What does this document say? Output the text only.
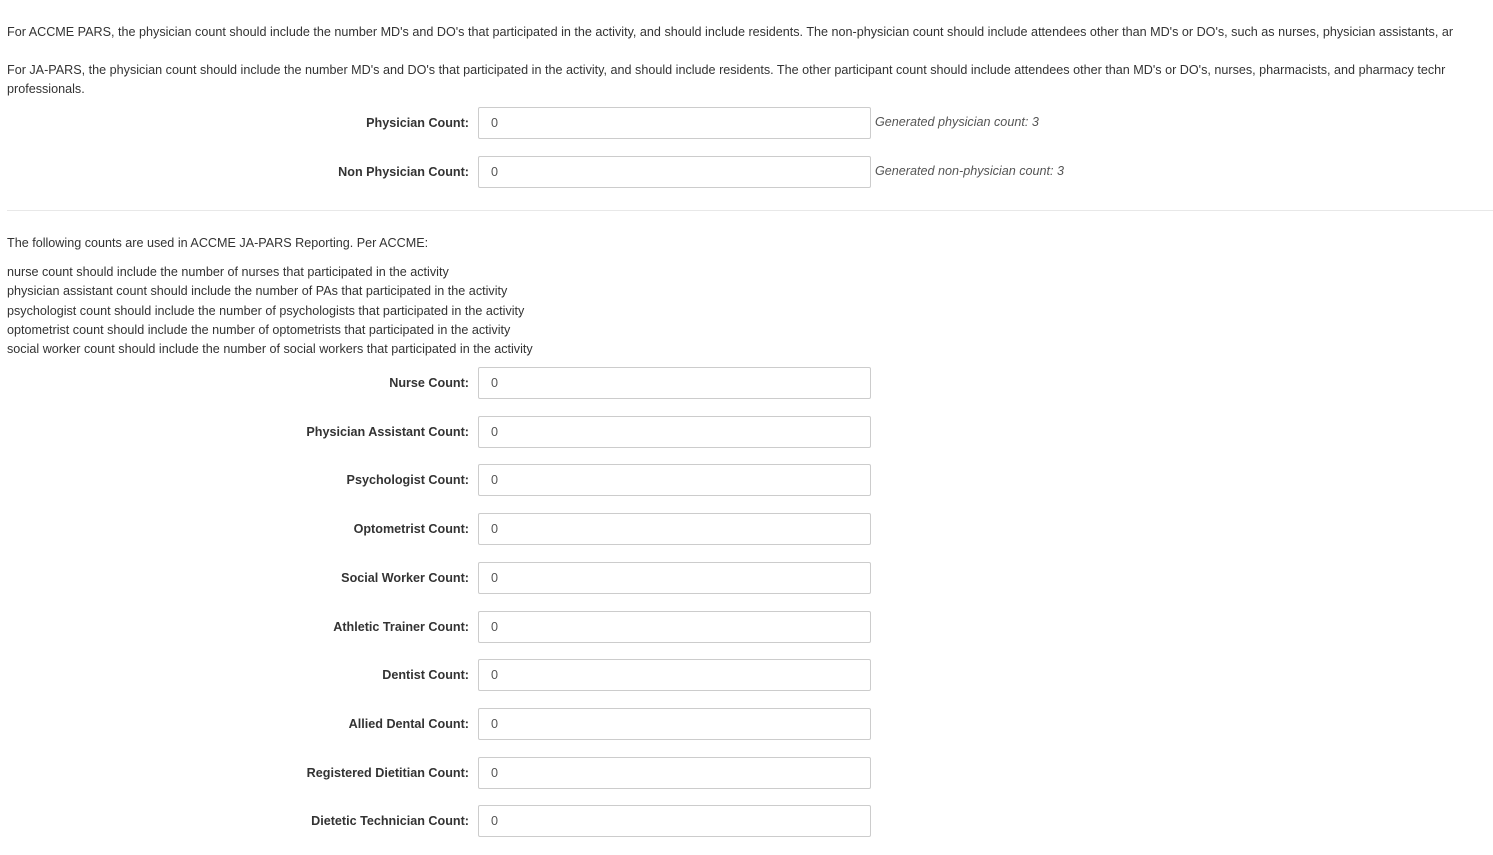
For ACCME PARS, the physician count should include the number MD's and DO's that participated in the activity, and should include residents. The non-physician count should include attendees other than MD's or DO's, such as nurses, physician assistants, ar

For JA-PARS, the physician count should include the number MD's and DO's that participated in the activity, and should include residents. The other participant count should include attendees other than MD's or DO's, nurses, pharmacists, and pharmacy techr
professionals.

Physician Count:
0	Generated physician count: 3
Non Physician Count:
0	Generated non-physician count: 3

The following counts are used in ACCME JA-PARS Reporting. Per ACCME:

nurse count should include the number of nurses that participated in the activity
physician assistant count should include the number of PAs that participated in the activity
psychologist count should include the number of psychologists that participated in the activity
optometrist count should include the number of optometrists that participated in the activity
social worker count should include the number of social workers that participated in the activity
Nurse Count:
0
Physician Assistant Count:
0
Psychologist Count:
0
Optometrist Count:
0
Social Worker Count:
0
Athletic Trainer Count:
0
Dentist Count:
0
Allied Dental Count:
0
Registered Dietitian Count:
0
Dietetic Technician Count:
0
